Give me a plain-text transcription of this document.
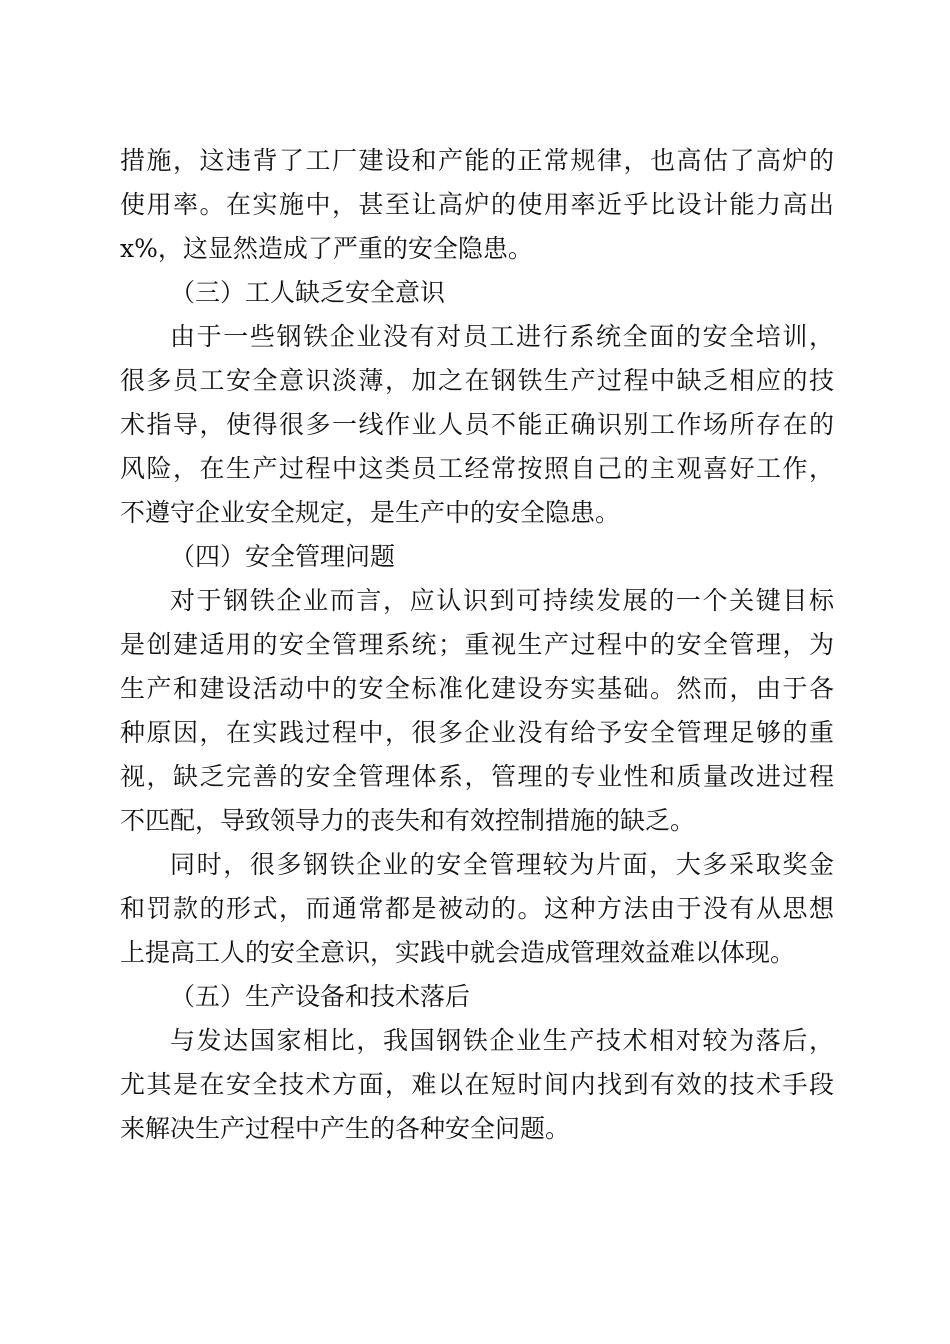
措施，这违背了工厂建设和产能的正常规律，也高估了高炉的
使用率。在实施中，甚至让高炉的使用率近乎比设计能力高出
x%，这显然造成了严重的安全隐患。
（三）工人缺乏安全意识
由于一些钢铁企业没有对员工进行系统全面的安全培训，
很多员工安全意识淡薄，加之在钢铁生产过程中缺乏相应的技
术指导，使得很多一线作业人员不能正确识别工作场所存在的
风险，在生产过程中这类员工经常按照自己的主观喜好工作，
不遵守企业安全规定，是生产中的安全隐患。
（四）安全管理问题
对于钢铁企业而言，应认识到可持续发展的一个关键目标
是创建适用的安全管理系统；重视生产过程中的安全管理，为
生产和建设活动中的安全标准化建设夯实基础。然而，由于各
种原因，在实践过程中，很多企业没有给予安全管理足够的重
视，缺乏完善的安全管理体系，管理的专业性和质量改进过程
不匹配，导致领导力的丧失和有效控制措施的缺乏。
同时，很多钢铁企业的安全管理较为片面，大多采取奖金
和罚款的形式，而通常都是被动的。这种方法由于没有从思想
上提高工人的安全意识，实践中就会造成管理效益难以体现。
（五）生产设备和技术落后
与发达国家相比，我国钢铁企业生产技术相对较为落后，
尤其是在安全技术方面，难以在短时间内找到有效的技术手段
来解决生产过程中产生的各种安全问题。
